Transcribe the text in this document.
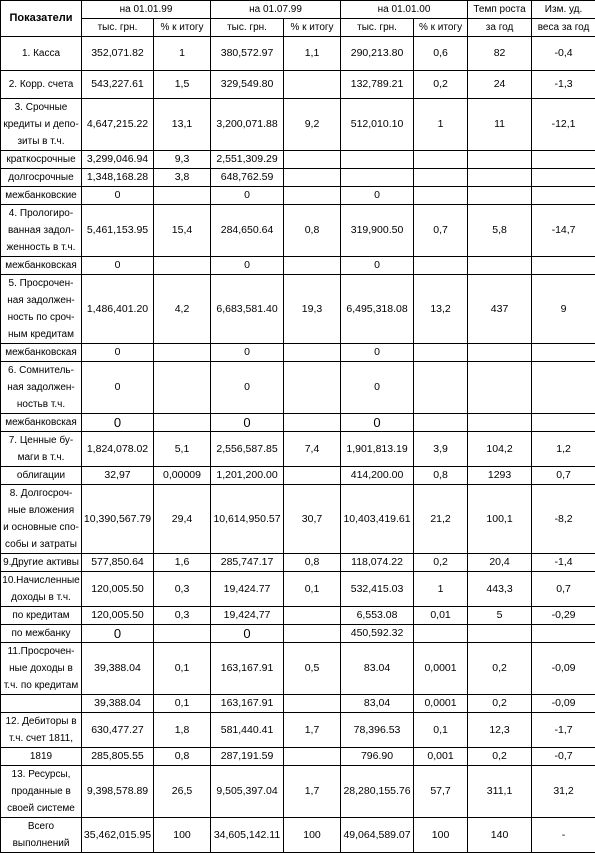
Показатели	на 01.01.99		на 01.07.99		на 01.01.00		Темп роста	Изм. уд.
	тыс. грн.	% к итогу	тыс. грн.	% к итогу	тыс. грн.	% к итогу	за год	веса за год

1. Касса	352,071.82	1	380,572.97	1,1	290,213.80	0,6	82	-0,4

2. Корр. счета	543,227.61	1,5	329,549.80		132,789.21	0,2	24	-1,3

3. Срочные
кредиты и депо-
зиты в т.ч.	4,647,215.22	13,1	3,200,071.88	9,2	512,010.10	1	11	-12,1

краткосрочные	3,299,046.94	9,3	2,551,309.29					

долгосрочные	1,348,168.28	3,8	648,762.59					

межбанковские	0		0		0			

4. Прологиро-
ванная задол-
женность в т.ч.	5,461,153.95	15,4	284,650.64	0,8	319,900.50	0,7	5,8	-14,7

межбанковская	0		0		0			

5. Просрочен-
ная задолжен-
ность по сроч-
ным кредитам	1,486,401.20	4,2	6,683,581.40	19,3	6,495,318.08	13,2	437	9

межбанковская	0		0		0			

6. Сомнитель-
ная задолжен-
ностьв т.ч.	0		0		0			

межбанковская	0		0		0			

7. Ценные бу-
маги в т.ч.	1,824,078.02	5,1	2,556,587.85	7,4	1,901,813.19	3,9	104,2	1,2

облигации	32,97	0,00009	1,201,200.00		414,200.00	0,8	1293	0,7

8. Долгосроч-
ные вложения
и основные спо-
собы и затраты	10,390,567.79	29,4	10,614,950.57	30,7	10,403,419.61	21,2	100,1	-8,2

9.Другие активы	577,850.64	1,6	285,747.17	0,8	118,074.22	0,2	20,4	-1,4

10.Начисленные
доходы в т.ч.	120,005.50	0,3	19,424.77	0,1	532,415.03	1	443,3	0,7

по кредитам	120,005.50	0,3	19,424,77		6,553.08	0,01	5	-0,29

по межбанку	0		0		450,592.32			

11.Просрочен-
ные доходы в
т.ч. по кредитам	39,388.04	0,1	163,167.91	0,5	83.04	0,0001	0,2	-0,09

	39,388.04	0,1	163,167.91		83,04	0,0001	0,2	-0,09

12. Дебиторы в
т.ч. счет 1811,	630,477.27	1,8	581,440.41	1,7	78,396.53	0,1	12,3	-1,7

1819	285,805.55	0,8	287,191.59		796.90	0,001	0,2	-0,7

13. Ресурсы,
проданные в
своей системе	9,398,578.89	26,5	9,505,397.04	1,7	28,280,155.76	57,7	311,1	31,2

Всего
выполнений	35,462,015.95	100	34,605,142.11	100	49,064,589.07	100	140	-
